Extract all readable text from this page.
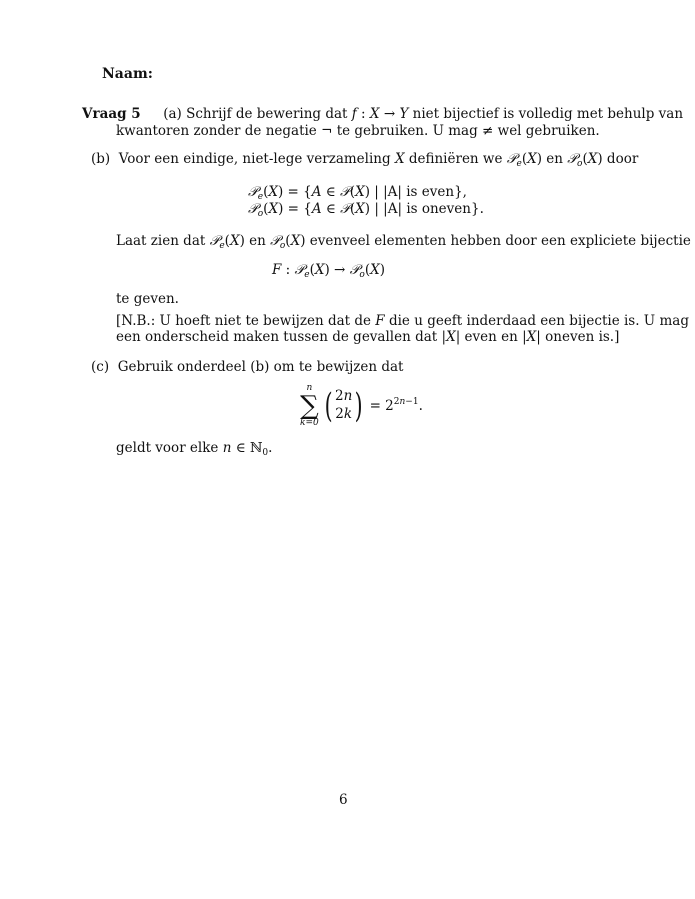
Naam:
Vraag 5 (a) Schrijf de bewering dat f : X → Y niet bijectief is volledig met behulp van
kwantoren zonder de negatie ¬ te gebruiken. U mag ≠ wel gebruiken.
(b) Voor een eindige, niet-lege verzameling X definiëren we 𝒫$_e$(X) en 𝒫$_o$(X) door
𝒫$_e$(X) = {A ∈ 𝒫(X) | |A| is even},
𝒫$_o$(X) = {A ∈ 𝒫(X) | |A| is oneven}.
Laat zien dat 𝒫$_e$(X) en 𝒫$_o$(X) evenveel elementen hebben door een expliciete bijectie
F : 𝒫$_e$(X) → 𝒫$_o$(X)
te geven.
[N.B.: U hoeft niet te bewijzen dat de F die u geeft inderdaad een bijectie is. U mag
een onderscheid maken tussen de gevallen dat |X| even en |X| oneven is.]
(c) Gebruik onderdeel (b) om te bewijzen dat
n
∑
k=0 ( 2n
2k ) = $2^{2n-1}$.
geldt voor elke n ∈ ℕ$_0$.
6
